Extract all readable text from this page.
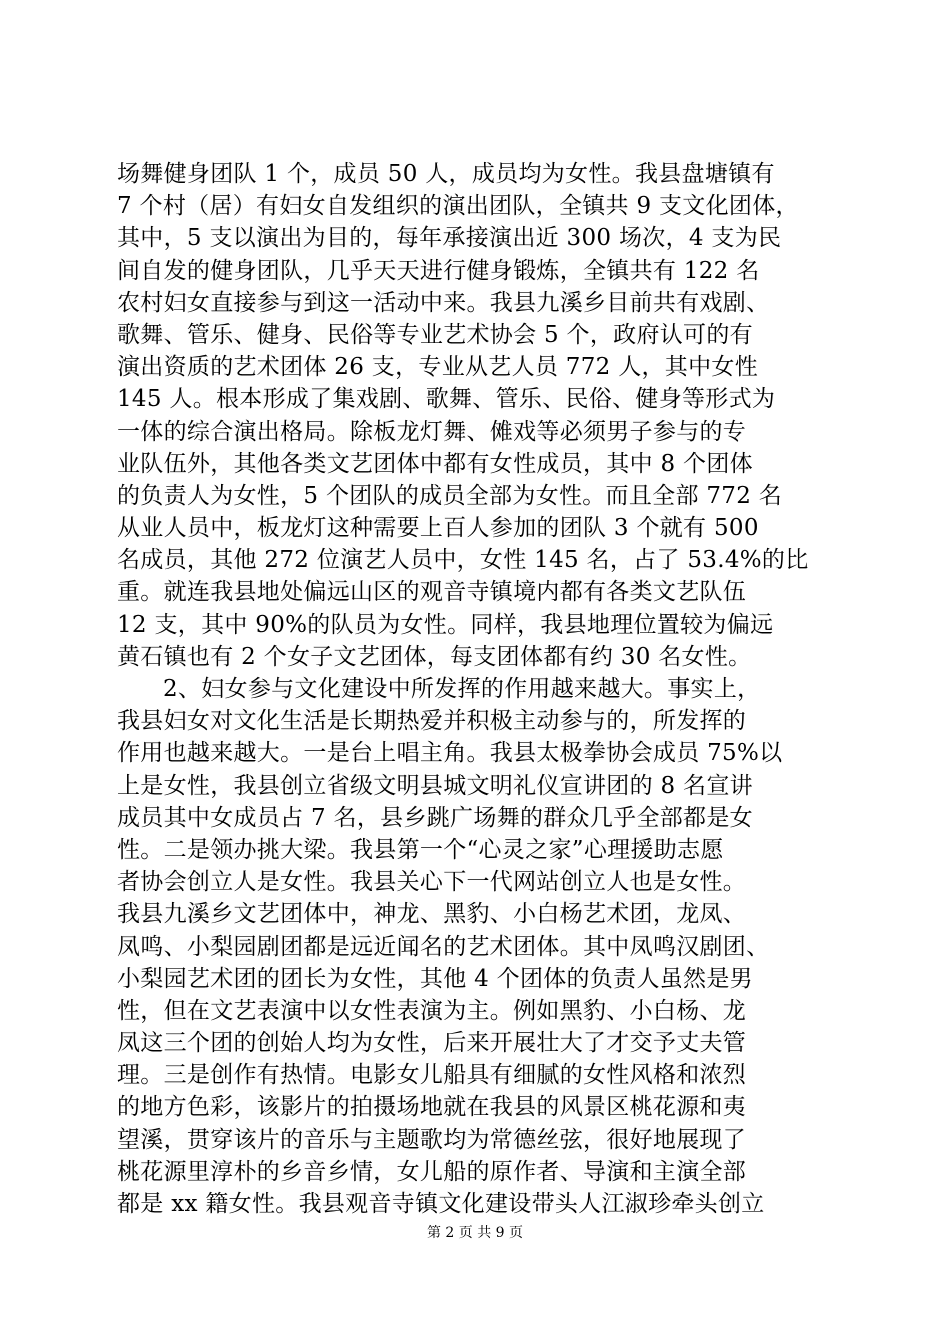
场舞健身团队 1 个，成员 50 人，成员均为女性。我县盘塘镇有
7 个村（居）有妇女自发组织的演出团队，全镇共 9 支文化团体，
其中，5 支以演出为目的，每年承接演出近 300 场次，4 支为民
间自发的健身团队，几乎天天进行健身锻炼，全镇共有 122 名
农村妇女直接参与到这一活动中来。我县九溪乡目前共有戏剧、
歌舞、管乐、健身、民俗等专业艺术协会 5 个，政府认可的有
演出资质的艺术团体 26 支，专业从艺人员 772 人，其中女性
145 人。根本形成了集戏剧、歌舞、管乐、民俗、健身等形式为
一体的综合演出格局。除板龙灯舞、傩戏等必须男子参与的专
业队伍外，其他各类文艺团体中都有女性成员，其中 8 个团体
的负责人为女性，5 个团队的成员全部为女性。而且全部 772 名
从业人员中，板龙灯这种需要上百人参加的团队 3 个就有 500
名成员，其他 272 位演艺人员中，女性 145 名，占了 53.4%的比
重。就连我县地处偏远山区的观音寺镇境内都有各类文艺队伍
12 支，其中 90%的队员为女性。同样，我县地理位置较为偏远
黄石镇也有 2 个女子文艺团体，每支团体都有约 30 名女性。
2、妇女参与文化建设中所发挥的作用越来越大。事实上，
我县妇女对文化生活是长期热爱并积极主动参与的，所发挥的
作用也越来越大。一是台上唱主角。我县太极拳协会成员 75%以
上是女性，我县创立省级文明县城文明礼仪宣讲团的 8 名宣讲
成员其中女成员占 7 名，县乡跳广场舞的群众几乎全部都是女
性。二是领办挑大梁。我县第一个“心灵之家”心理援助志愿
者协会创立人是女性。我县关心下一代网站创立人也是女性。
我县九溪乡文艺团体中，神龙、黑豹、小白杨艺术团，龙凤、
凤鸣、小梨园剧团都是远近闻名的艺术团体。其中凤鸣汉剧团、
小梨园艺术团的团长为女性，其他 4 个团体的负责人虽然是男
性，但在文艺表演中以女性表演为主。例如黑豹、小白杨、龙
凤这三个团的创始人均为女性，后来开展壮大了才交予丈夫管
理。三是创作有热情。电影女儿船具有细腻的女性风格和浓烈
的地方色彩，该影片的拍摄场地就在我县的风景区桃花源和夷
望溪，贯穿该片的音乐与主题歌均为常德丝弦，很好地展现了
桃花源里淳朴的乡音乡情，女儿船的原作者、导演和主演全部
都是 xx 籍女性。我县观音寺镇文化建设带头人江淑珍牵头创立
第 2 页 共 9 页
